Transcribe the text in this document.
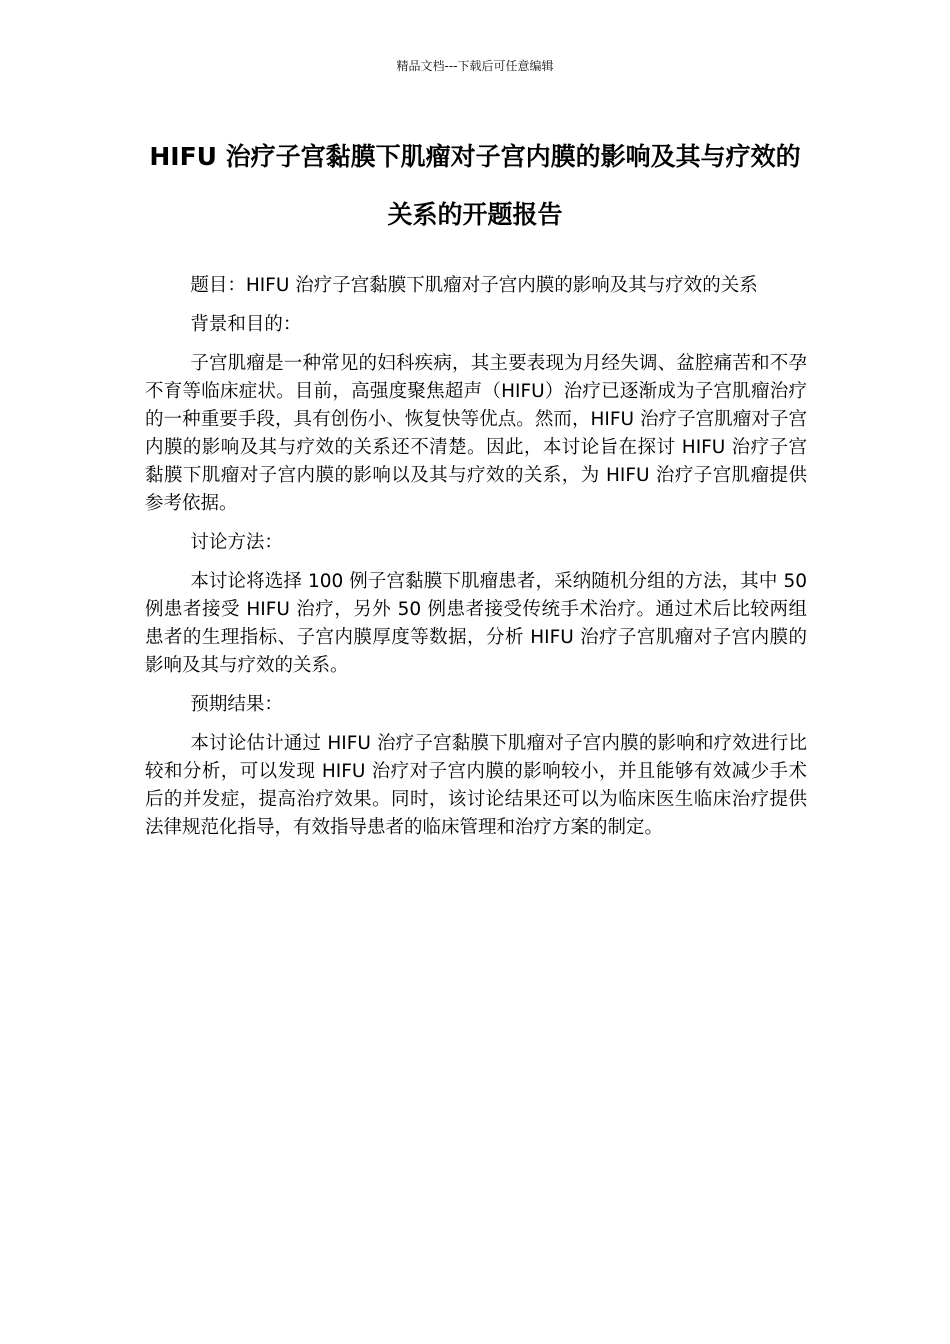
精品文档---下载后可任意编辑
HIFU 治疗子宫黏膜下肌瘤对子宫内膜的影响及其与疗效的关系的开题报告

题目：HIFU 治疗子宫黏膜下肌瘤对子宫内膜的影响及其与疗效的关系

背景和目的：

子宫肌瘤是一种常见的妇科疾病，其主要表现为月经失调、盆腔痛苦和不孕不育等临床症状。目前，高强度聚焦超声（HIFU）治疗已逐渐成为子宫肌瘤治疗的一种重要手段，具有创伤小、恢复快等优点。然而，HIFU 治疗子宫肌瘤对子宫内膜的影响及其与疗效的关系还不清楚。因此，本讨论旨在探讨 HIFU 治疗子宫黏膜下肌瘤对子宫内膜的影响以及其与疗效的关系，为 HIFU 治疗子宫肌瘤提供参考依据。

讨论方法：

本讨论将选择 100 例子宫黏膜下肌瘤患者，采纳随机分组的方法，其中 50 例患者接受 HIFU 治疗，另外 50 例患者接受传统手术治疗。通过术后比较两组患者的生理指标、子宫内膜厚度等数据，分析 HIFU 治疗子宫肌瘤对子宫内膜的影响及其与疗效的关系。

预期结果：

本讨论估计通过 HIFU 治疗子宫黏膜下肌瘤对子宫内膜的影响和疗效进行比较和分析，可以发现 HIFU 治疗对子宫内膜的影响较小，并且能够有效减少手术后的并发症，提高治疗效果。同时，该讨论结果还可以为临床医生临床治疗提供法律规范化指导，有效指导患者的临床管理和治疗方案的制定。
